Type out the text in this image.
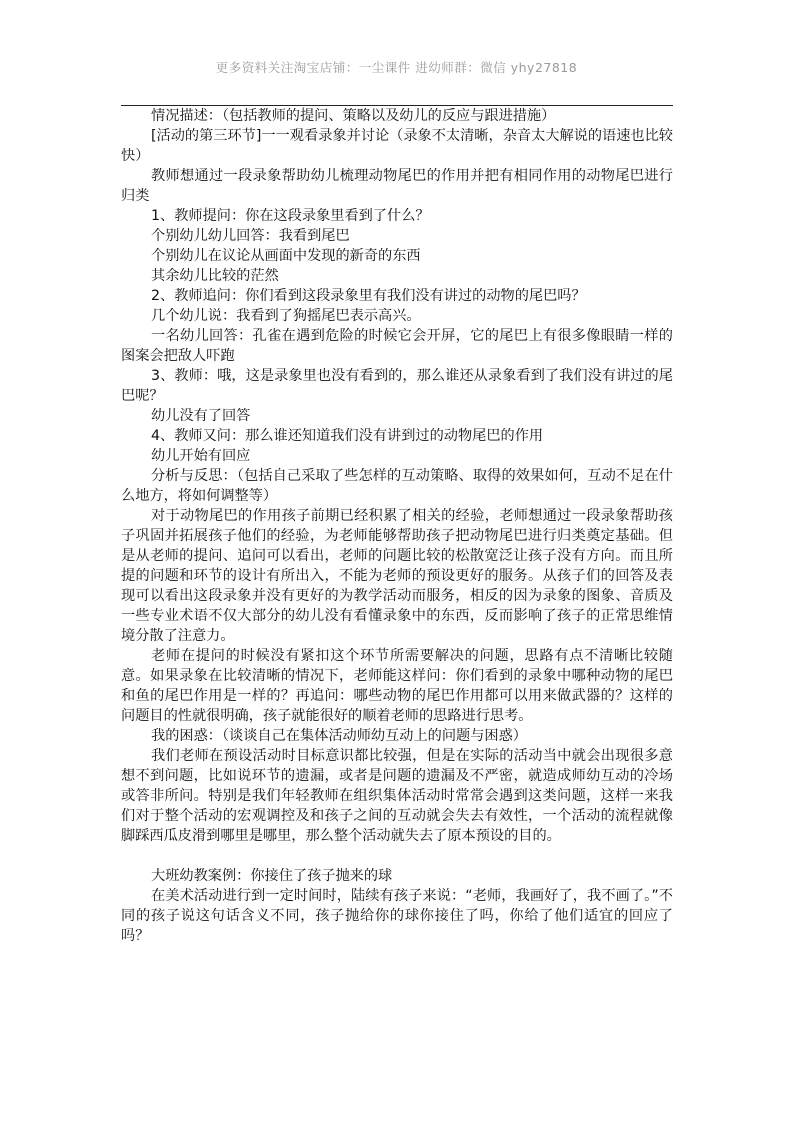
更多资料关注淘宝店铺：一尘课件 进幼师群：微信 yhy27818

情况描述：（包括教师的提问、策略以及幼儿的反应与跟进措施）

[活动的第三环节]一一观看录象并讨论（录象不太清晰，杂音太大解说的语速也比较快）

教师想通过一段录象帮助幼儿梳理动物尾巴的作用并把有相同作用的动物尾巴进行归类

1、教师提问：你在这段录象里看到了什么？

个别幼儿幼儿回答：我看到尾巴

个别幼儿在议论从画面中发现的新奇的东西

其余幼儿比较的茫然

2、教师追问：你们看到这段录象里有我们没有讲过的动物的尾巴吗？

几个幼儿说：我看到了狗摇尾巴表示高兴。

一名幼儿回答：孔雀在遇到危险的时候它会开屏，它的尾巴上有很多像眼睛一样的图案会把敌人吓跑

3、教师：哦，这是录象里也没有看到的，那么谁还从录象看到了我们没有讲过的尾巴呢？

幼儿没有了回答

4、教师又问：那么谁还知道我们没有讲到过的动物尾巴的作用

幼儿开始有回应

分析与反思：（包括自己采取了些怎样的互动策略、取得的效果如何，互动不足在什么地方，将如何调整等）

对于动物尾巴的作用孩子前期已经积累了相关的经验，老师想通过一段录象帮助孩子巩固并拓展孩子他们的经验，为老师能够帮助孩子把动物尾巴进行归类奠定基础。但是从老师的提问、追问可以看出，老师的问题比较的松散宽泛让孩子没有方向。而且所提的问题和环节的设计有所出入，不能为老师的预设更好的服务。从孩子们的回答及表现可以看出这段录象并没有更好的为教学活动而服务，相反的因为录象的图象、音质及一些专业术语不仅大部分的幼儿没有看懂录象中的东西，反而影响了孩子的正常思维情境分散了注意力。

老师在提问的时候没有紧扣这个环节所需要解决的问题，思路有点不清晰比较随意。如果录象在比较清晰的情况下，老师能这样问：你们看到的录象中哪种动物的尾巴和鱼的尾巴作用是一样的？再追问：哪些动物的尾巴作用都可以用来做武器的？这样的问题目的性就很明确，孩子就能很好的顺着老师的思路进行思考。

我的困惑：（谈谈自己在集体活动师幼互动上的问题与困惑）

我们老师在预设活动时目标意识都比较强，但是在实际的活动当中就会出现很多意想不到问题，比如说环节的遗漏，或者是问题的遗漏及不严密，就造成师幼互动的冷场或答非所问。特别是我们年轻教师在组织集体活动时常常会遇到这类问题，这样一来我们对于整个活动的宏观调控及和孩子之间的互动就会失去有效性，一个活动的流程就像脚踩西瓜皮滑到哪里是哪里，那么整个活动就失去了原本预设的目的。

大班幼教案例：你接住了孩子抛来的球

在美术活动进行到一定时间时，陆续有孩子来说：“老师，我画好了，我不画了。”不同的孩子说这句话含义不同，孩子抛给你的球你接住了吗，你给了他们适宜的回应了吗？
